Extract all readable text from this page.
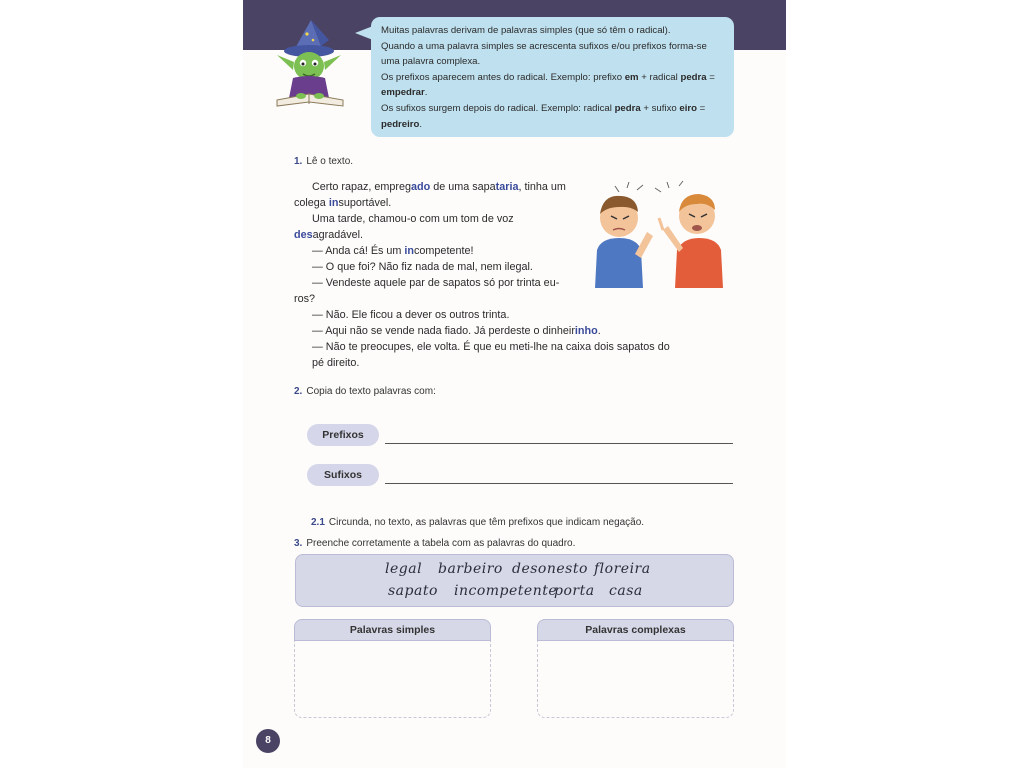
Muitas palavras derivam de palavras simples (que só têm o radical).

Quando a uma palavra simples se acrescenta sufixos e/ou prefixos forma-se uma palavra complexa.

Os prefixos aparecem antes do radical. Exemplo: prefixo em + radical pedra = empedrar.

Os sufixos surgem depois do radical. Exemplo: radical pedra + sufixo eiro = pedreiro.

1. Lê o texto.

Certo rapaz, empregado de uma sapataria, tinha um

colega insuportável.

Uma tarde, chamou-o com um tom de voz

desagradável.

— Anda cá! És um incompetente!

— O que foi? Não fiz nada de mal, nem ilegal.

— Vendeste aquele par de sapatos só por trinta eu-

ros?

— Não. Ele ficou a dever os outros trinta.

— Aqui não se vende nada fiado. Já perdeste o dinheirinho.

— Não te preocupes, ele volta. É que eu meti-lhe na caixa dois sapatos do

pé direito.

2. Copia do texto palavras com:
Prefixos
Sufixos
2.1 Circunda, no texto, as palavras que têm prefixos que indicam negação.
3. Preenche corretamente a tabela com as palavras do quadro.
legal barbeiro desonesto floreira
sapato incompetente
porta casa
Palavras simples	Palavras complexas
8
